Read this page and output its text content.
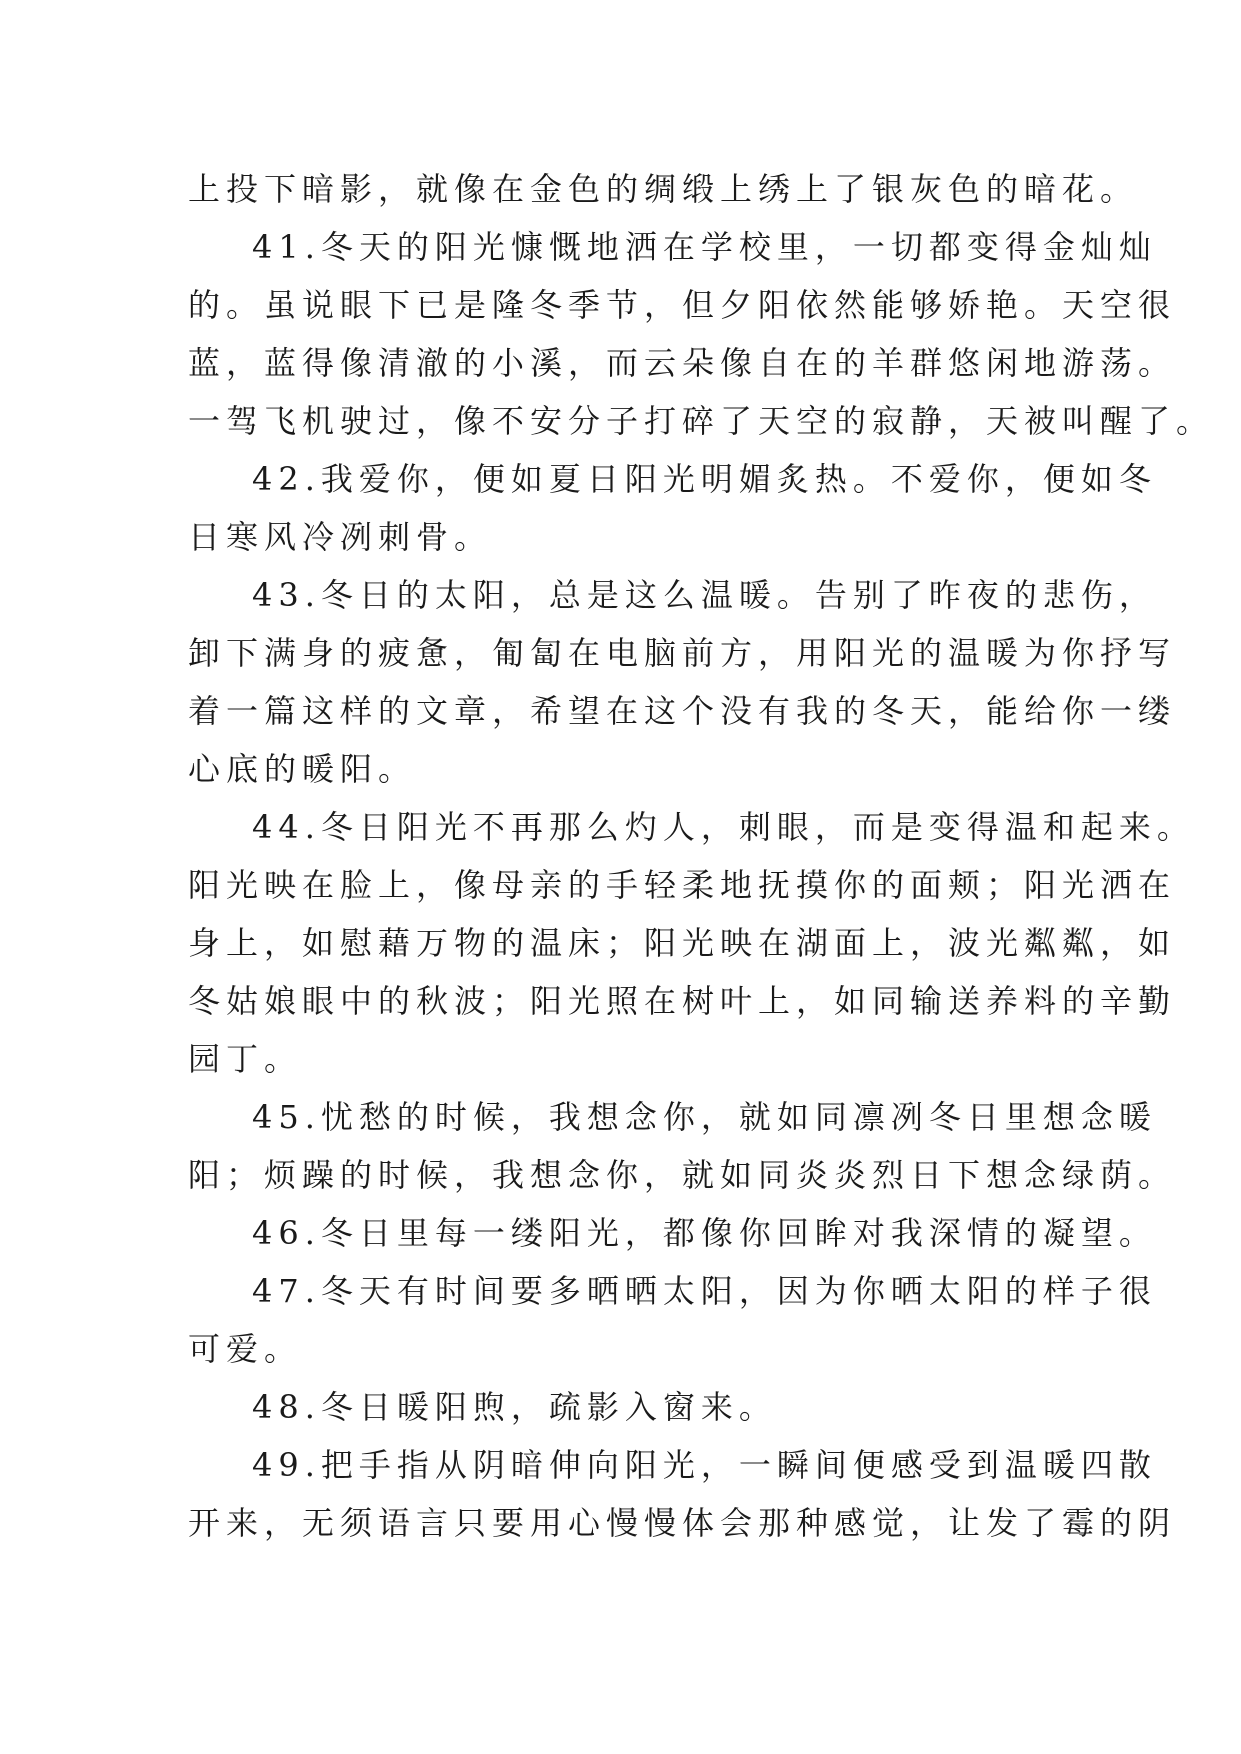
上投下暗影，就像在金色的绸缎上绣上了银灰色的暗花。
41.冬天的阳光慷慨地洒在学校里，一切都变得金灿灿
的。虽说眼下已是隆冬季节，但夕阳依然能够娇艳。天空很
蓝，蓝得像清澈的小溪，而云朵像自在的羊群悠闲地游荡。
一驾飞机驶过，像不安分子打碎了天空的寂静，天被叫醒了。
42.我爱你，便如夏日阳光明媚炙热。不爱你，便如冬
日寒风冷冽刺骨。
43.冬日的太阳，总是这么温暖。告别了昨夜的悲伤，
卸下满身的疲惫，匍匐在电脑前方，用阳光的温暖为你抒写
着一篇这样的文章，希望在这个没有我的冬天，能给你一缕
心底的暖阳。
44.冬日阳光不再那么灼人，刺眼，而是变得温和起来。
阳光映在脸上，像母亲的手轻柔地抚摸你的面颊；阳光洒在
身上，如慰藉万物的温床；阳光映在湖面上，波光粼粼，如
冬姑娘眼中的秋波；阳光照在树叶上，如同输送养料的辛勤
园丁。
45.忧愁的时候，我想念你，就如同凛冽冬日里想念暖
阳；烦躁的时候，我想念你，就如同炎炎烈日下想念绿荫。
46.冬日里每一缕阳光，都像你回眸对我深情的凝望。
47.冬天有时间要多晒晒太阳，因为你晒太阳的样子很
可爱。
48.冬日暖阳煦，疏影入窗来。
49.把手指从阴暗伸向阳光，一瞬间便感受到温暖四散
开来，无须语言只要用心慢慢体会那种感觉，让发了霉的阴
